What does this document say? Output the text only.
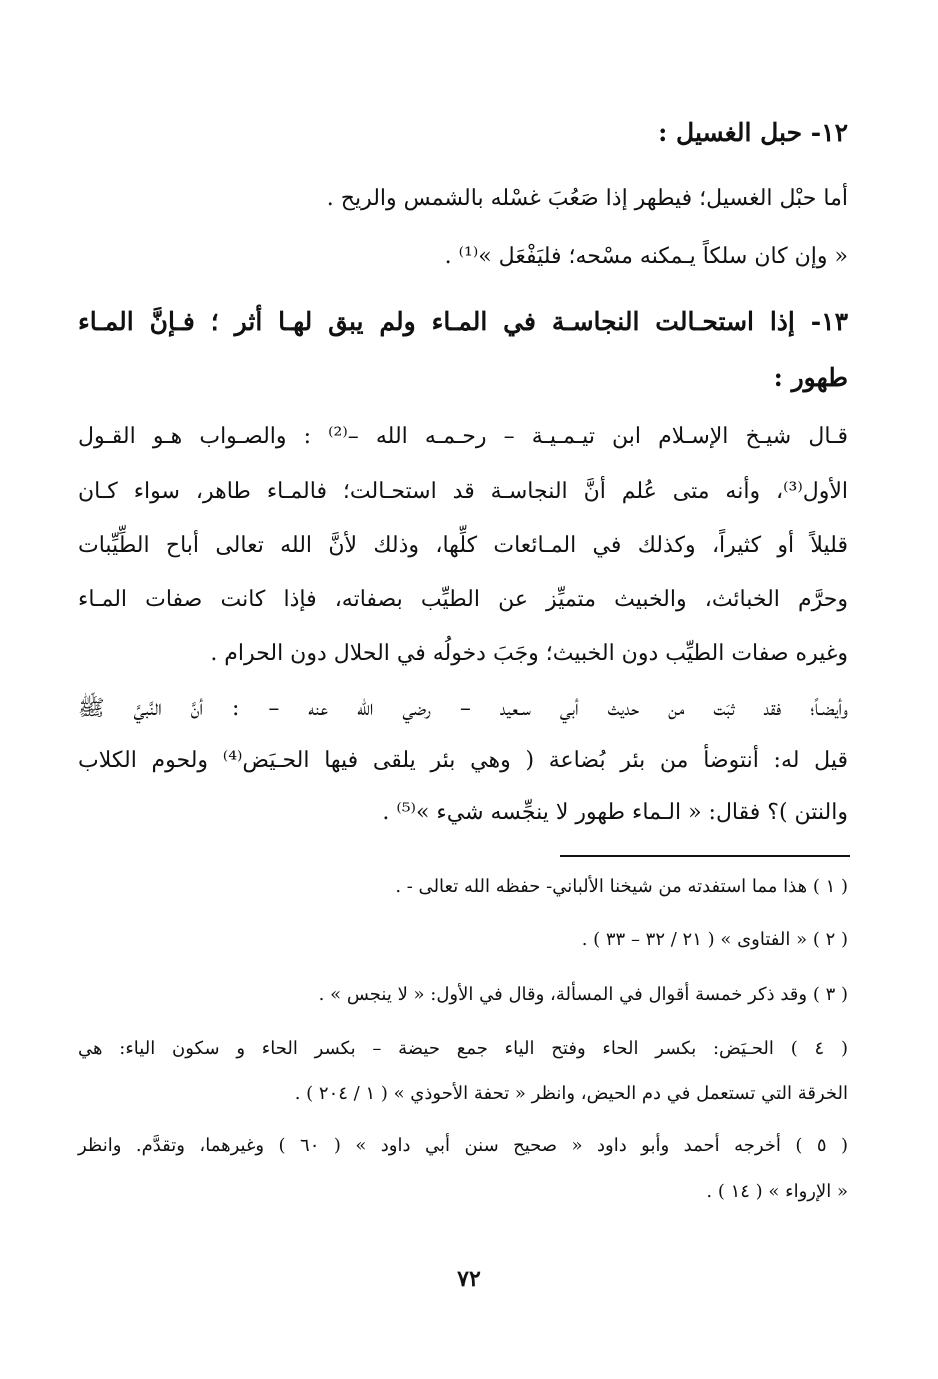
١٢- حبل الغسيل :
أما حبْل الغسيل؛ فيطهر إذا صَعُبَ غسْله بالشمس والريح .
« وإن كان سلكاً يـمكنه مسْحه؛ فليَفْعَل »⁽¹⁾ .
١٣- إذا استحـالت النجاسـة في المـاء ولم يبق لهـا أثر ؛ فـإنَّ المـاء
طهور :
قـال شيـخ الإسـلام ابن تيـمـيـة – رحـمـه الله –⁽²⁾ : والصـواب هـو القـول
الأول⁽³⁾، وأنه متى عُلم أنَّ النجاسـة قد استحـالت؛ فالمـاء طاهر، سواء كـان
قليلاً أو كثيراً، وكذلك في المـائعات كلِّها، وذلك لأنَّ الله تعالى أباح الطِّيِّبات
وحرَّم الخبائث، والخبيث متميِّز عن الطيِّب بصفاته، فإذا كانت صفات المـاء
وغيره صفات الطيِّب دون الخبيث؛ وجَبَ دخولُه في الحلال دون الحرام .
وأيضـاً؛ فقد ثبَت من حديث أبي سـعيد – رضي الله عنه – : أنَّ النَّبيَّ ﷺ
قيل له: أنتوضأ من بئر بُضاعة ( وهي بئر يلقى فيها الحـيَض⁽⁴⁾ ولحوم الكلاب
والنتن )؟ فقال: « الـماء طهور لا ينجِّسه شيء »⁽⁵⁾ .
( ١ ) هذا مما استفدته من شيخنا الألباني- حفظه الله تعالى - .
( ٢ ) « الفتاوى » ( ٢١ / ٣٢ – ٣٣ ) .
( ٣ ) وقد ذكر خمسة أقوال في المسألة، وقال في الأول: « لا ينجس » .
( ٤ ) الحـيَض: بكسر الحاء وفتح الياء جمع حيضة – بكسر الحاء و سكون الياء: هي
الخرقة التي تستعمل في دم الحيض، وانظر « تحفة الأحوذي » ( ١ / ٢٠٤ ) .
( ٥ ) أخرجه أحمد وأبو داود « صحيح سنن أبي داود » ( ٦٠ ) وغيرهما، وتقدَّم. وانظر
« الإرواء » ( ١٤ ) .
٧٢
